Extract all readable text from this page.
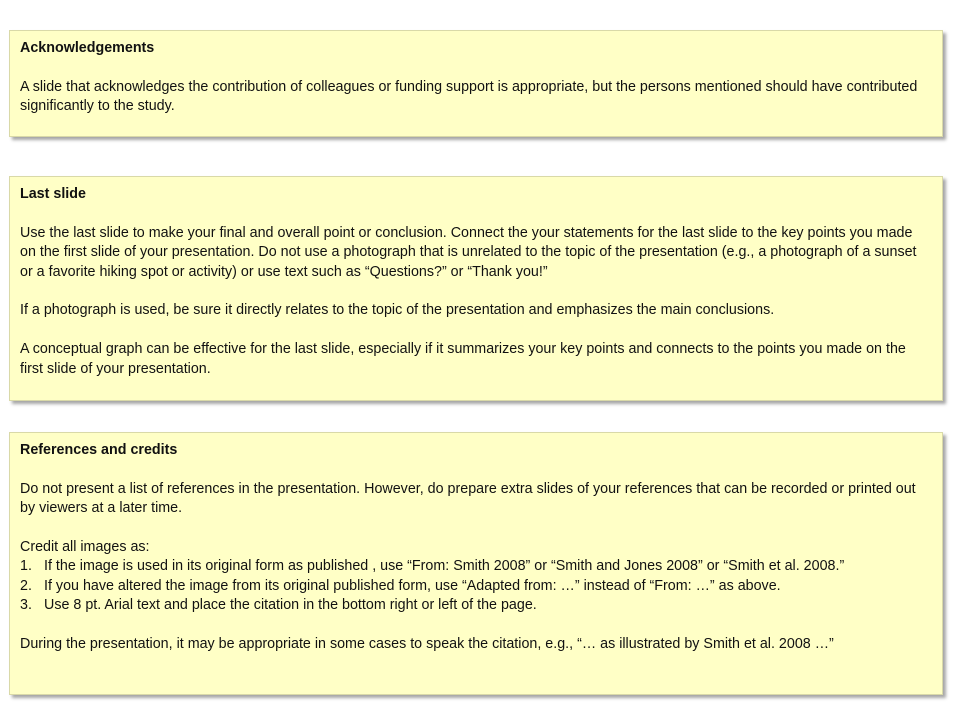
Acknowledgements

A slide that acknowledges the contribution of colleagues or funding support is appropriate, but the persons mentioned should have contributed significantly to the study.

Last slide

Use the last slide to make your final and overall point or conclusion. Connect the your statements for the last slide to the key points you made on the first slide of your presentation. Do not use a photograph that is unrelated to the topic of the presentation (e.g., a photograph of a sunset or a favorite hiking spot or activity) or use text such as “Questions?” or “Thank you!”

If a photograph is used, be sure it directly relates to the topic of the presentation and emphasizes the main conclusions.

A conceptual graph can be effective for the last slide, especially if it summarizes your key points and connects to the points you made on the first slide of your presentation.

References and credits

Do not present a list of references in the presentation. However, do prepare extra slides of your references that can be recorded or printed out by viewers at a later time.

Credit all images as:

1. If the image is used in its original form as published , use “From: Smith 2008” or “Smith and Jones 2008” or “Smith et al. 2008.”
2. If you have altered the image from its original published form, use “Adapted from: …” instead of “From: …” as above.
3. Use 8 pt. Arial text and place the citation in the bottom right or left of the page.

During the presentation, it may be appropriate in some cases to speak the citation, e.g., “… as illustrated by Smith et al. 2008 …”
